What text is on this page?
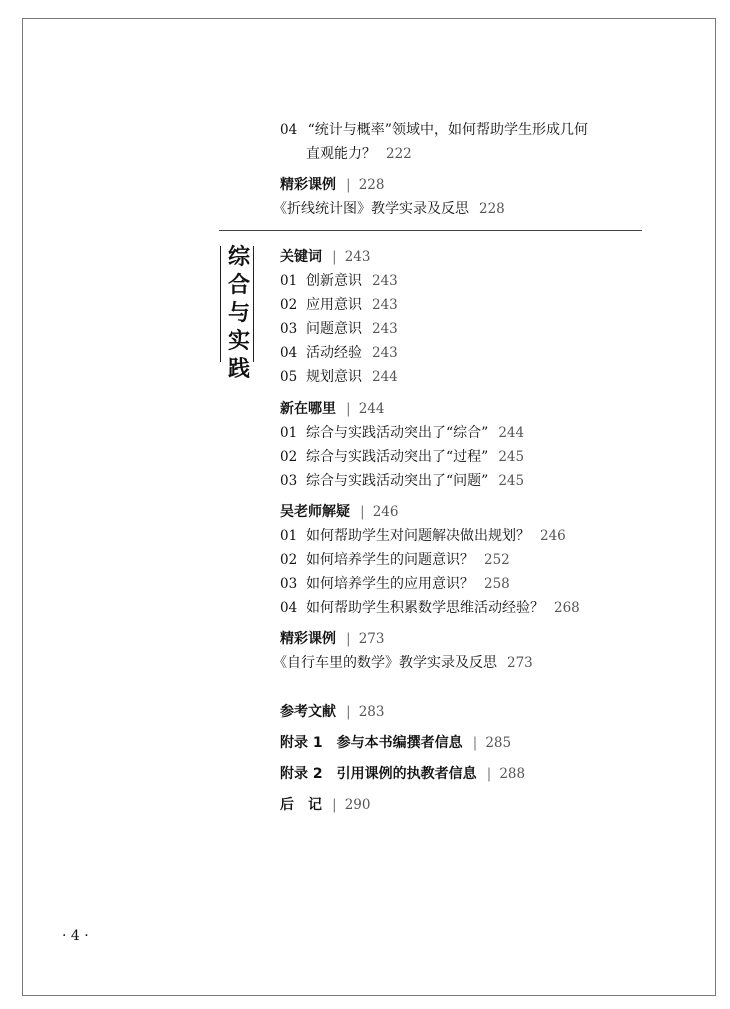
04 “统计与概率”领域中，如何帮助学生形成几何
直观能力？ 222
精彩课例 | 228
《折线统计图》教学实录及反思 228
综
合
与
实
践
关键词 | 243
01 创新意识 243
02 应用意识 243
03 问题意识 243
04 活动经验 243
05 规划意识 244
新在哪里 | 244
01 综合与实践活动突出了“综合” 244
02 综合与实践活动突出了“过程” 245
03 综合与实践活动突出了“问题” 245
吴老师解疑 | 246
01 如何帮助学生对问题解决做出规划？ 246
02 如何培养学生的问题意识？ 252
03 如何培养学生的应用意识？ 258
04 如何帮助学生积累数学思维活动经验？ 268
精彩课例 | 273
《自行车里的数学》教学实录及反思 273
参考文献 | 283
附录 1　参与本书编撰者信息 | 285
附录 2　引用课例的执教者信息 | 288
后　记 | 290
· 4 ·
